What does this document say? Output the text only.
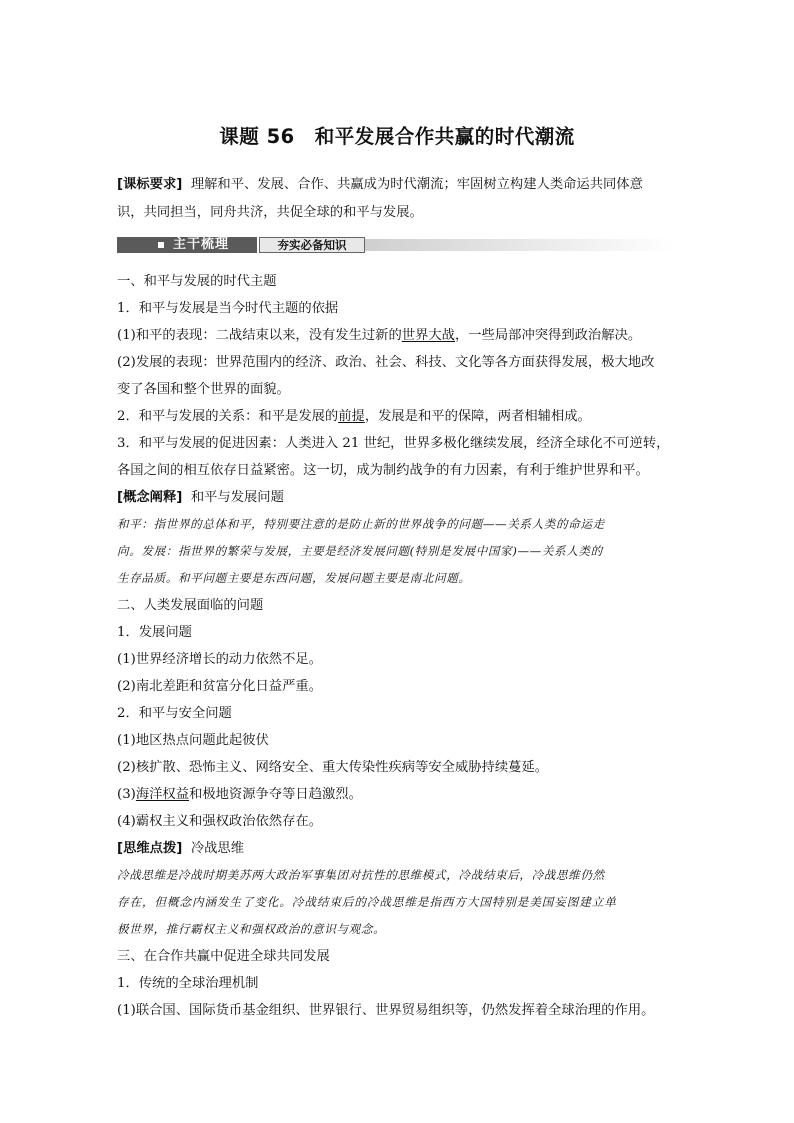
课题 56　和平发展合作共赢的时代潮流
[课标要求] 理解和平、发展、合作、共赢成为时代潮流；牢固树立构建人类命运共同体意
识，共同担当，同舟共济，共促全球的和平与发展。
主干梳理	夯实必备知识
一、和平与发展的时代主题
1．和平与发展是当今时代主题的依据
(1)和平的表现：二战结束以来，没有发生过新的世界大战，一些局部冲突得到政治解决。
(2)发展的表现：世界范围内的经济、政治、社会、科技、文化等各方面获得发展，极大地改
变了各国和整个世界的面貌。
2．和平与发展的关系：和平是发展的前提，发展是和平的保障，两者相辅相成。
3．和平与发展的促进因素：人类进入 21 世纪，世界多极化继续发展，经济全球化不可逆转，
各国之间的相互依存日益紧密。这一切，成为制约战争的有力因素，有利于维护世界和平。
[概念阐释] 和平与发展问题
和平：指世界的总体和平，特别要注意的是防止新的世界战争的问题——关系人类的命运走
向。发展：指世界的繁荣与发展，主要是经济发展问题(特别是发展中国家)——关系人类的
生存品质。和平问题主要是东西问题，发展问题主要是南北问题。
二、人类发展面临的问题
1．发展问题
(1)世界经济增长的动力依然不足。
(2)南北差距和贫富分化日益严重。
2．和平与安全问题
(1)地区热点问题此起彼伏
(2)核扩散、恐怖主义、网络安全、重大传染性疾病等安全威胁持续蔓延。
(3)海洋权益和极地资源争夺等日趋激烈。
(4)霸权主义和强权政治依然存在。
[思维点拨] 冷战思维
冷战思维是冷战时期美苏两大政治军事集团对抗性的思维模式，冷战结束后，冷战思维仍然
存在，但概念内涵发生了变化。冷战结束后的冷战思维是指西方大国特别是美国妄图建立单
极世界，推行霸权主义和强权政治的意识与观念。
三、在合作共赢中促进全球共同发展
1．传统的全球治理机制
(1)联合国、国际货币基金组织、世界银行、世界贸易组织等，仍然发挥着全球治理的作用。
